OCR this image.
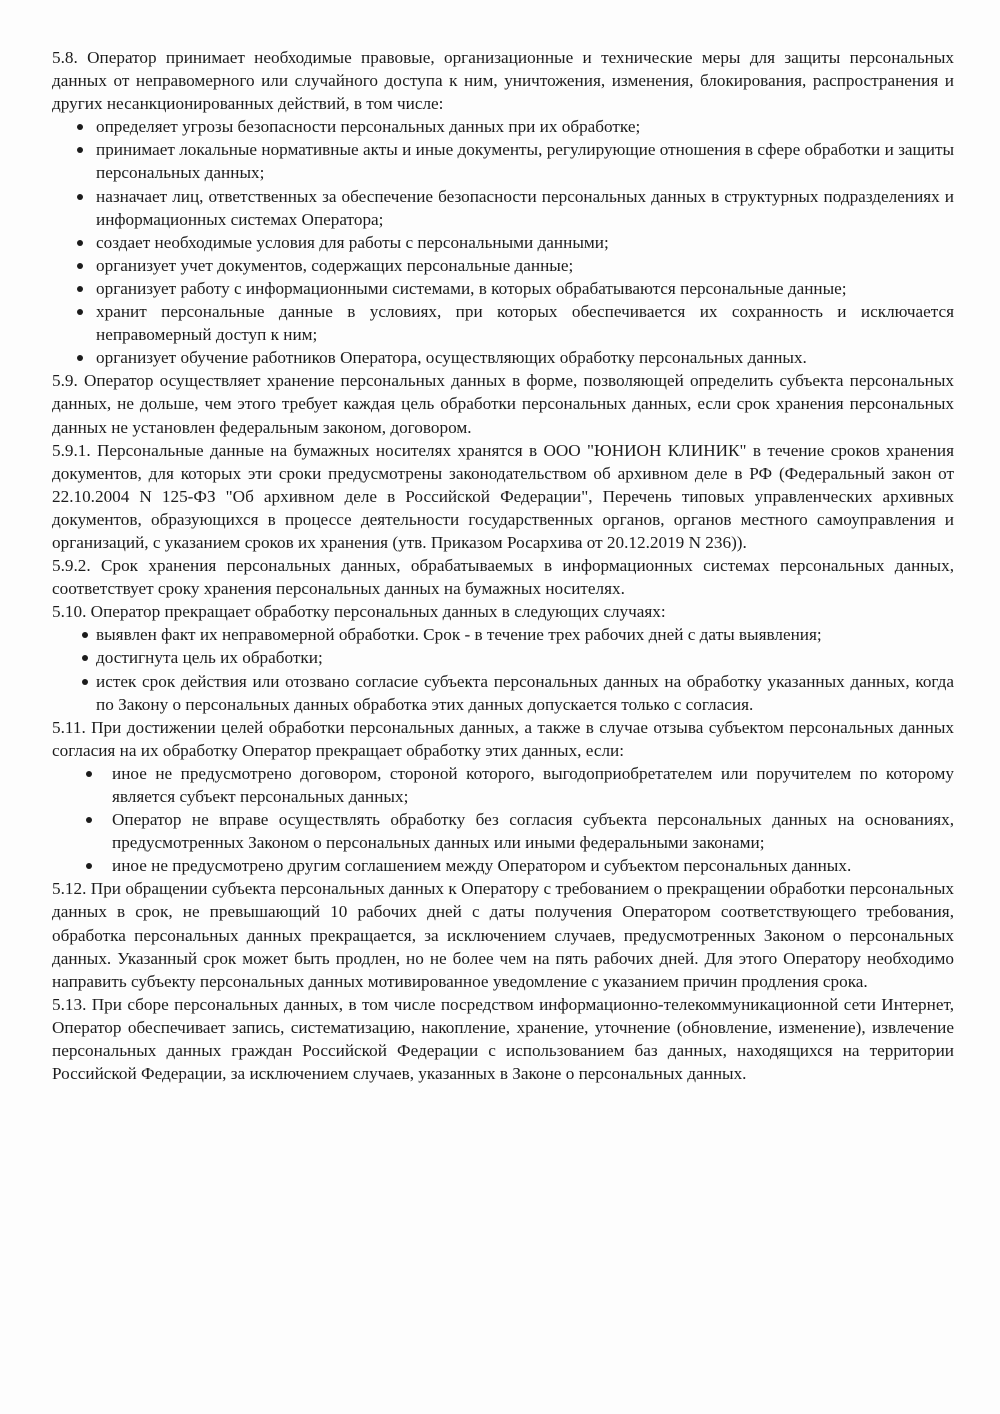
5.8. Оператор принимает необходимые правовые, организационные и технические меры для защиты персональных данных от неправомерного или случайного доступа к ним, уничтожения, изменения, блокирования, распространения и других несанкционированных действий, в том числе:

определяет угрозы безопасности персональных данных при их обработке;
принимает локальные нормативные акты и иные документы, регулирующие отношения в сфере обработки и защиты персональных данных;
назначает лиц, ответственных за обеспечение безопасности персональных данных в структурных подразделениях и информационных системах Оператора;
создает необходимые условия для работы с персональными данными;
организует учет документов, содержащих персональные данные;
организует работу с информационными системами, в которых обрабатываются персональные данные;
хранит персональные данные в условиях, при которых обеспечивается их сохранность и исключается неправомерный доступ к ним;
организует обучение работников Оператора, осуществляющих обработку персональных данных.

5.9. Оператор осуществляет хранение персональных данных в форме, позволяющей определить субъекта персональных данных, не дольше, чем этого требует каждая цель обработки персональных данных, если срок хранения персональных данных не установлен федеральным законом, договором.

5.9.1. Персональные данные на бумажных носителях хранятся в ООО "ЮНИОН КЛИНИК" в течение сроков хранения документов, для которых эти сроки предусмотрены законодательством об архивном деле в РФ (Федеральный закон от 22.10.2004 N 125-ФЗ "Об архивном деле в Российской Федерации", Перечень типовых управленческих архивных документов, образующихся в процессе деятельности государственных органов, органов местного самоуправления и организаций, с указанием сроков их хранения (утв. Приказом Росархива от 20.12.2019 N 236)).

5.9.2. Срок хранения персональных данных, обрабатываемых в информационных системах персональных данных, соответствует сроку хранения персональных данных на бумажных носителях.

5.10. Оператор прекращает обработку персональных данных в следующих случаях:

выявлен факт их неправомерной обработки. Срок - в течение трех рабочих дней с даты выявления;
достигнута цель их обработки;
истек срок действия или отозвано согласие субъекта персональных данных на обработку указанных данных, когда по Закону о персональных данных обработка этих данных допускается только с согласия.

5.11. При достижении целей обработки персональных данных, а также в случае отзыва субъектом персональных данных согласия на их обработку Оператор прекращает обработку этих данных, если:

иное не предусмотрено договором, стороной которого, выгодоприобретателем или поручителем по которому является субъект персональных данных;
Оператор не вправе осуществлять обработку без согласия субъекта персональных данных на основаниях, предусмотренных Законом о персональных данных или иными федеральными законами;
иное не предусмотрено другим соглашением между Оператором и субъектом персональных данных.

5.12. При обращении субъекта персональных данных к Оператору с требованием о прекращении обработки персональных данных в срок, не превышающий 10 рабочих дней с даты получения Оператором соответствующего требования, обработка персональных данных прекращается, за исключением случаев, предусмотренных Законом о персональных данных. Указанный срок может быть продлен, но не более чем на пять рабочих дней. Для этого Оператору необходимо направить субъекту персональных данных мотивированное уведомление с указанием причин продления срока.

5.13. При сборе персональных данных, в том числе посредством информационно-телекоммуникационной сети Интернет, Оператор обеспечивает запись, систематизацию, накопление, хранение, уточнение (обновление, изменение), извлечение персональных данных граждан Российской Федерации с использованием баз данных, находящихся на территории Российской Федерации, за исключением случаев, указанных в Законе о персональных данных.
